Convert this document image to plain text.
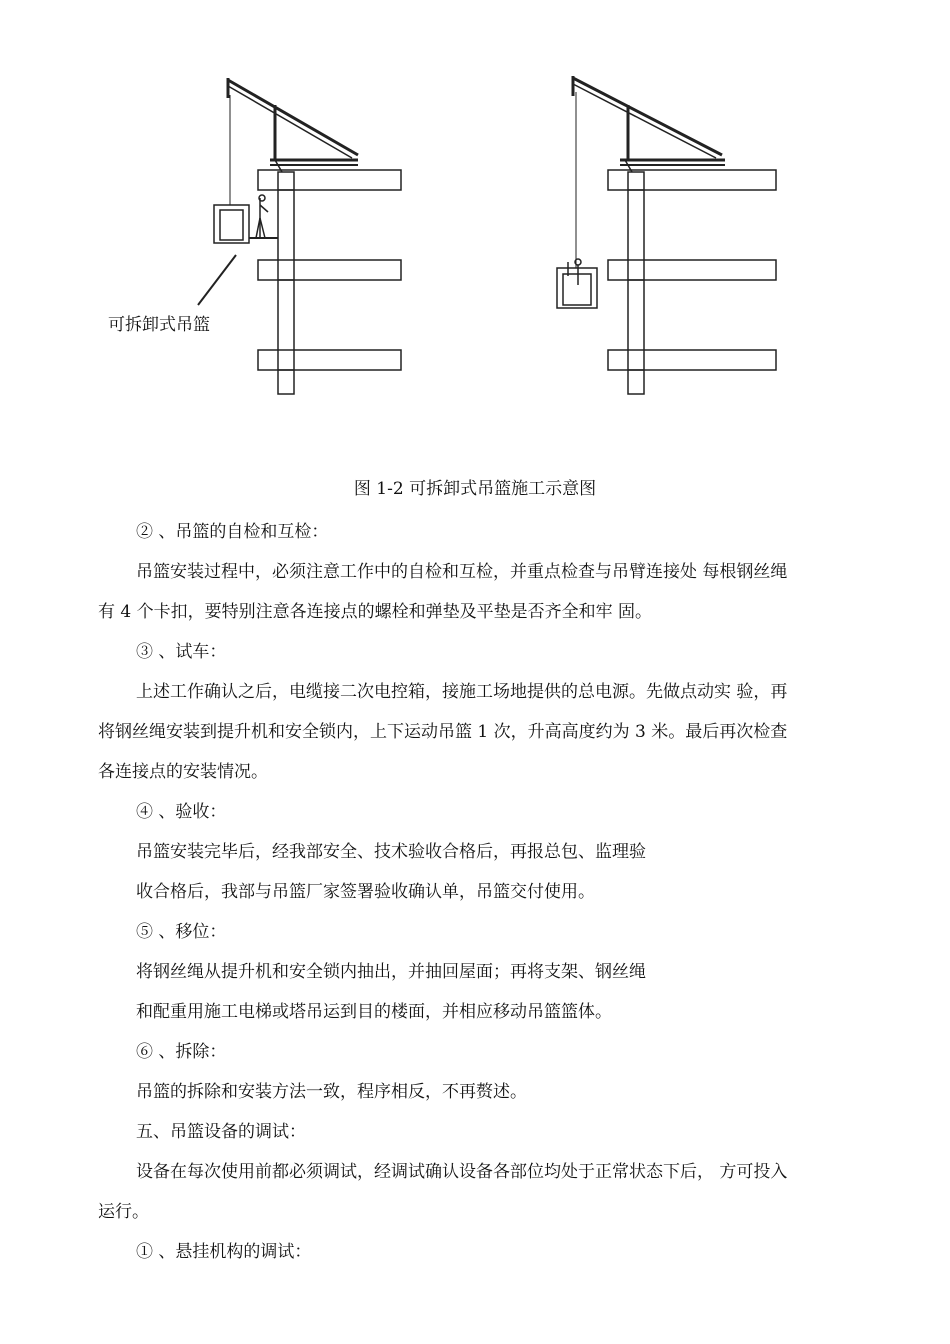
可拆卸式吊篮
图 1-2 可拆卸式吊篮施工示意图
② 、吊篮的自检和互检：
吊篮安装过程中，必须注意工作中的自检和互检，并重点检查与吊臂连接处 每根钢丝绳
有 4 个卡扣，要特别注意各连接点的螺栓和弹垫及平垫是否齐全和牢 固。
③ 、试车：
上述工作确认之后，电缆接二次电控箱，接施工场地提供的总电源。先做点动实 验，再
将钢丝绳安装到提升机和安全锁内，上下运动吊篮 1 次，升高高度约为 3 米。最后再次检查
各连接点的安装情况。
④ 、验收：
吊篮安装完毕后，经我部安全、技术验收合格后，再报总包、监理验
收合格后，我部与吊篮厂家签署验收确认单，吊篮交付使用。
⑤ 、移位：
将钢丝绳从提升机和安全锁内抽出，并抽回屋面；再将支架、钢丝绳
和配重用施工电梯或塔吊运到目的楼面，并相应移动吊篮篮体。
⑥ 、拆除：
吊篮的拆除和安装方法一致，程序相反，不再赘述。
五、吊篮设备的调试：
设备在每次使用前都必须调试，经调试确认设备各部位均处于正常状态下后， 方可投入
运行。
① 、悬挂机构的调试：
